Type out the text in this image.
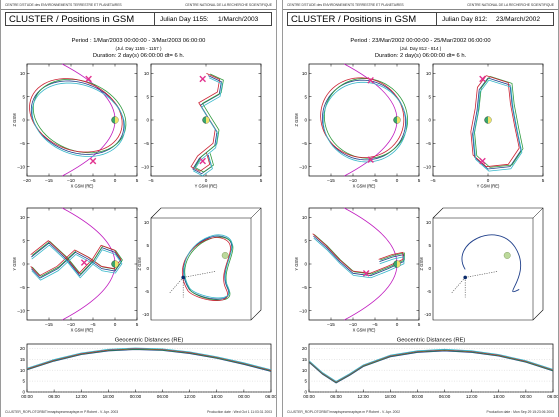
CENTRE D'ETUDE des ENVIRONNEMENTS TERRESTRE ET PLANETAIRES	CENTRE NATIONAL DE LA RECHERCHE SCIENTIFIQUE
CLUSTER / Positions in GSM	Julian Day 1155: 1/March/2003
Period : 1/Mar/2003 00:00:00 - 3/Mar/2003 06:00:00
(Jul. Day 1155 - 1157 )
Duration: 2 day(s) 06:00:00 dt= 6 h.
–20	–15	–10	–5	0	5
–10
–5
0
5
10
X GSM (RE)
Z GSM
–5	0	5
–10
–5
0
5
10
Y GSM (RE)
–15	–10	–5	0	5
–10
–5
0
5
10
X GSM (RE)
Y GSM	Z GSM
10
5
0
-5
-10
Geocentric Distances (RE)
0
5
10
15
20
00:00	06:00	12:00	18:00	00:00	06:00	12:00	18:00	00:00	06:00
CLUSTER_ROPLOTORBIT/mnaptspecmnaptspe.m P.Robert - V. Apr. 2003	Production date : Wed Oct 1 11:03:31 2003
CENTRE D'ETUDE des ENVIRONNEMENTS TERRESTRE ET PLANETAIRES	CENTRE NATIONAL DE LA RECHERCHE SCIENTIFIQUE
CLUSTER / Positions in GSM	Julian Day 812: 23/March/2002
Period : 23/Mar/2002 00:00:00 - 25/Mar/2002 06:00:00
(Jul. Day 812 - 814 )
Duration: 2 day(s) 06:00:00 dt= 6 h.
–15	–10	–5	0	5
–10
–5
0
5
10
X GSM (RE)
Z GSM
–5	0	5
–10
–5
0
5
10
Y GSM (RE)
–15	–10	–5	0	5
–10
–5
0
5
10
X GSM (RE)
Y GSM	Z GSM
10
5
0
-5
-10
Geocentric Distances (RE)
0
5
10
15
20
00:00	06:00	12:00	18:00	00:00	06:00	12:00	18:00	00:00	06:00
CLUSTER_ROPLOTORBIT/mnaptspecmnaptspe.m P.Robert - V. Apr. 2002	Production date : Mon Sep 29 15:23:06 2003
